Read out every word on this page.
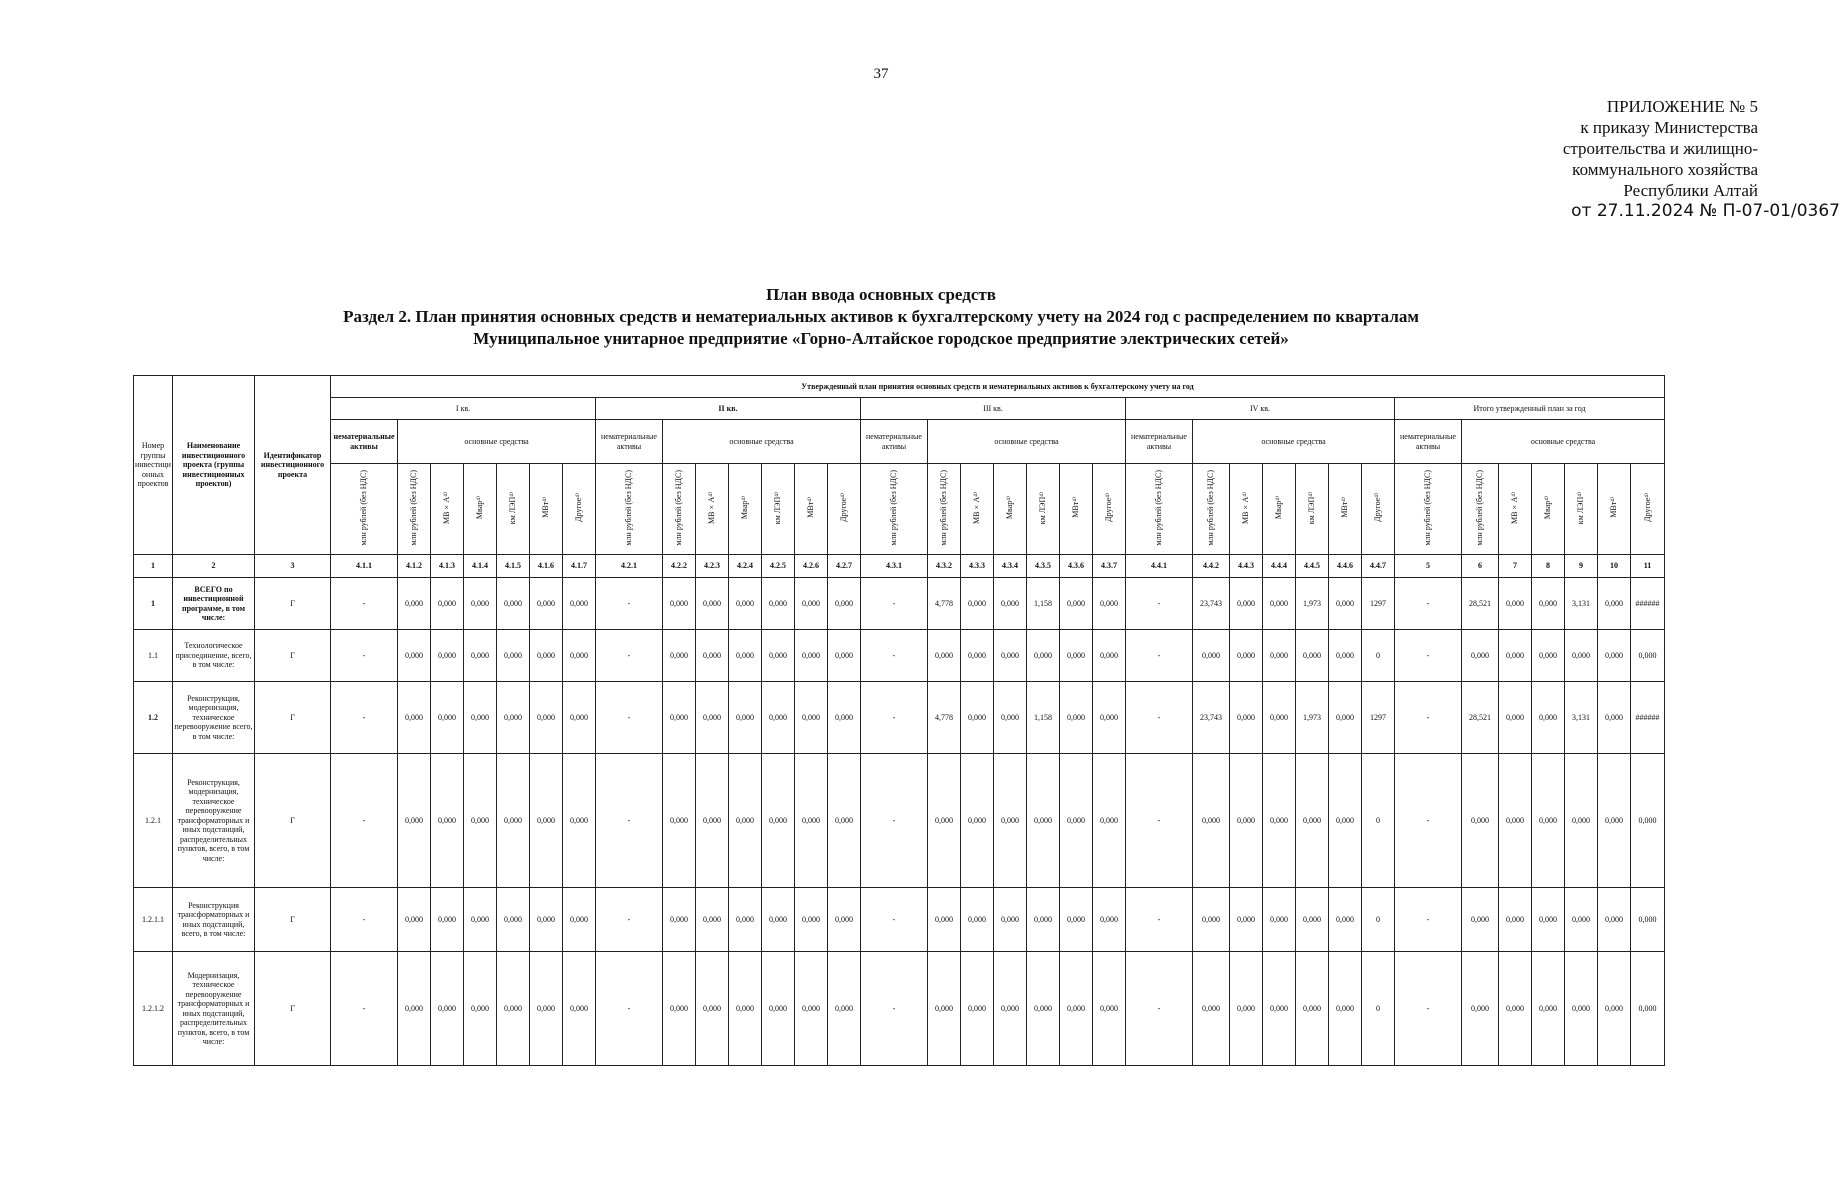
37
ПРИЛОЖЕНИЕ № 5
к приказу Министерства
строительства и жилищно-
коммунального хозяйства
Республики Алтай
от 27.11.2024 № П-07-01/0367
План ввода основных средств
Раздел 2. План принятия основных средств и нематериальных активов к бухгалтерскому учету на 2024 год с распределением по кварталам
Муниципальное унитарное предприятие «Горно-Алтайское городское предприятие электрических сетей»
Номер группы инвестиционных проектов	Наименование инвестиционного проекта (группы инвестиционных проектов)	Идентификатор инвестиционного проекта	Утвержденный план принятия основных средств и нематериальных активов к бухгалтерскому учету на год																																		
			I кв.							II кв.							III кв.							IV кв.							Итого утвержденный план за год						
			нематериальные активы	основные средства						нематериальные активы	основные средства						нематериальные активы	основные средства						нематериальные активы	основные средства						нематериальные активы	основные средства					
			млн рублей (без НДС)	млн рублей (без НДС)	МВ×А⁴⁾	Мвар⁴⁾	км ЛЭП⁴⁾	МВт⁴⁾	Другое⁴⁾	млн рублей (без НДС)	млн рублей (без НДС)	МВ×А⁴⁾	Мвар⁴⁾	км ЛЭП⁴⁾	МВт⁴⁾	Другое⁴⁾	млн рублей (без НДС)	млн рублей (без НДС)	МВ×А⁴⁾	Мвар⁴⁾	км ЛЭП⁴⁾	МВт⁴⁾	Другое⁴⁾	млн рублей (без НДС)	млн рублей (без НДС)	МВ×А⁴⁾	Мвар⁴⁾	км ЛЭП⁴⁾	МВт⁴⁾	Другое⁴⁾	млн рублей (без НДС)	млн рублей (без НДС)	МВ×А⁴⁾	Мвар⁴⁾	км ЛЭП⁴⁾	МВт⁴⁾	Другое⁴⁾
1	2	3	4.1.1	4.1.2	4.1.3	4.1.4	4.1.5	4.1.6	4.1.7	4.2.1	4.2.2	4.2.3	4.2.4	4.2.5	4.2.6	4.2.7	4.3.1	4.3.2	4.3.3	4.3.4	4.3.5	4.3.6	4.3.7	4.4.1	4.4.2	4.4.3	4.4.4	4.4.5	4.4.6	4.4.7	5	6	7	8	9	10	11
1	ВСЕГО по инвестиционной программе, в том числе:	Г	-	0,000	0,000	0,000	0,000	0,000	0,000	-	0,000	0,000	0,000	0,000	0,000	0,000	-	4,778	0,000	0,000	1,158	0,000	0,000	-	23,743	0,000	0,000	1,973	0,000	1297	-	28,521	0,000	0,000	3,131	0,000	######
1.1	Технологическое присоединение, всего, в том числе:	Г	-	0,000	0,000	0,000	0,000	0,000	0,000	-	0,000	0,000	0,000	0,000	0,000	0,000	-	0,000	0,000	0,000	0,000	0,000	0,000	-	0,000	0,000	0,000	0,000	0,000	0	-	0,000	0,000	0,000	0,000	0,000	0,000
1.2	Реконструкция, модернизация, техническое перевооружение всего, в том числе:	Г	-	0,000	0,000	0,000	0,000	0,000	0,000	-	0,000	0,000	0,000	0,000	0,000	0,000	-	4,778	0,000	0,000	1,158	0,000	0,000	-	23,743	0,000	0,000	1,973	0,000	1297	-	28,521	0,000	0,000	3,131	0,000	######
1.2.1	Реконструкция, модернизация, техническое перевооружение трансформаторных и иных подстанций, распределительных пунктов, всего, в том числе:	Г	-	0,000	0,000	0,000	0,000	0,000	0,000	-	0,000	0,000	0,000	0,000	0,000	0,000	-	0,000	0,000	0,000	0,000	0,000	0,000	-	0,000	0,000	0,000	0,000	0,000	0	-	0,000	0,000	0,000	0,000	0,000	0,000
1.2.1.1	Реконструкция трансформаторных и иных подстанций, всего, в том числе:	Г	-	0,000	0,000	0,000	0,000	0,000	0,000	-	0,000	0,000	0,000	0,000	0,000	0,000	-	0,000	0,000	0,000	0,000	0,000	0,000	-	0,000	0,000	0,000	0,000	0,000	0	-	0,000	0,000	0,000	0,000	0,000	0,000
1.2.1.2	Модернизация, техническое перевооружение трансформаторных и иных подстанций, распределительных пунктов, всего, в том числе:	Г	-	0,000	0,000	0,000	0,000	0,000	0,000	-	0,000	0,000	0,000	0,000	0,000	0,000	-	0,000	0,000	0,000	0,000	0,000	0,000	-	0,000	0,000	0,000	0,000	0,000	0	-	0,000	0,000	0,000	0,000	0,000	0,000
